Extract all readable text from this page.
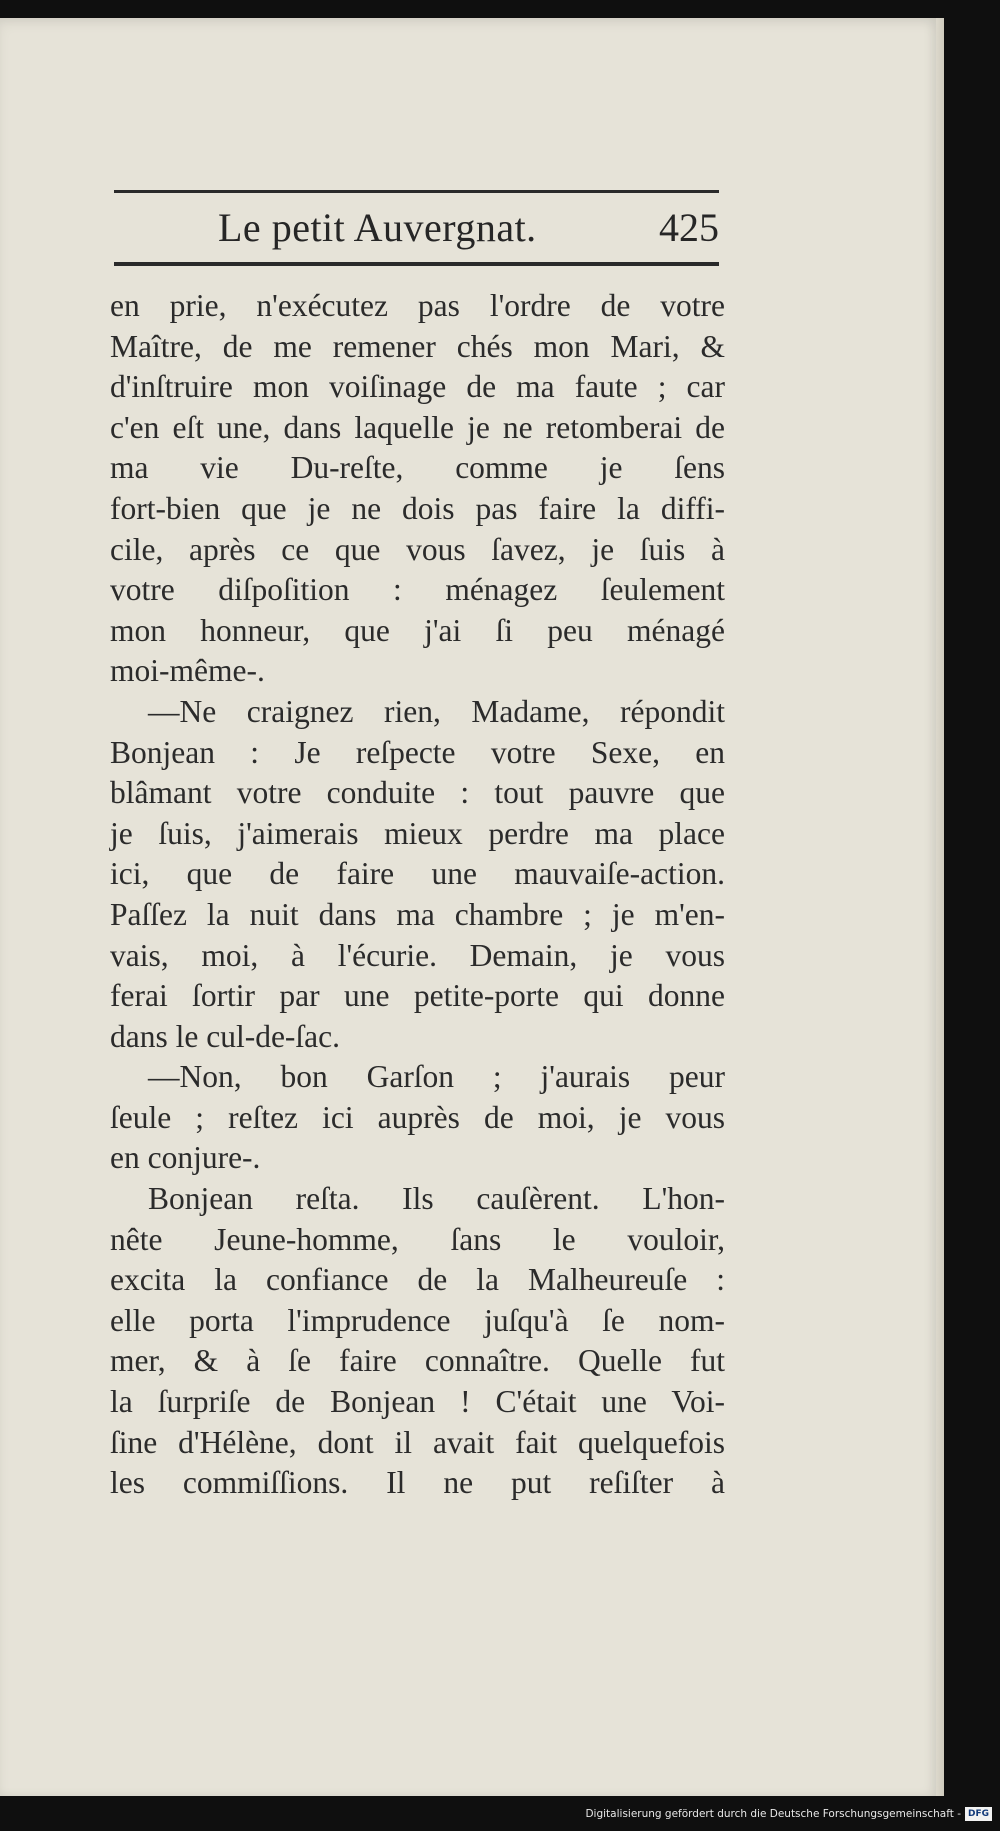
Le petit Auvergnat.	425
en prie, n'exécutez pas l'ordre de votre
Maître, de me remener chés mon Mari, &
d'inſtruire mon voiſinage de ma faute ; car
c'en eſt une, dans laquelle je ne retomberai de ma vie Du-reſte, comme je ſens
fort-bien que je ne dois pas faire la diffi-
cile, après ce que vous ſavez, je ſuis à
votre diſpoſition : ménagez ſeulement
mon honneur, que j'ai ſi peu ménagé
moi-même-.
—Ne craignez rien, Madame, répondit
Bonjean : Je reſpecte votre Sexe, en
blâmant votre conduite : tout pauvre que
je ſuis, j'aimerais mieux perdre ma place
ici, que de faire une mauvaiſe-action.
Paſſez la nuit dans ma chambre ; je m'en-
vais, moi, à l'écurie. Demain, je vous
ferai ſortir par une petite-porte qui donne
dans le cul-de-ſac.
—Non, bon Garſon ; j'aurais peur
ſeule ; reſtez ici auprès de moi, je vous
en conjure-.
Bonjean reſta. Ils cauſèrent. L'hon-
nête Jeune-homme, ſans le vouloir,
excita la confiance de la Malheureuſe :
elle porta l'imprudence juſqu'à ſe nom-
mer, & à ſe faire connaître. Quelle fut
la ſurpriſe de Bonjean ! C'était une Voi-
ſine d'Hélène, dont il avait fait quelquefois
les commiſſions. Il ne put reſiſter à
Digitalisierung gefördert durch die Deutsche Forschungsgemeinschaft - DFG
